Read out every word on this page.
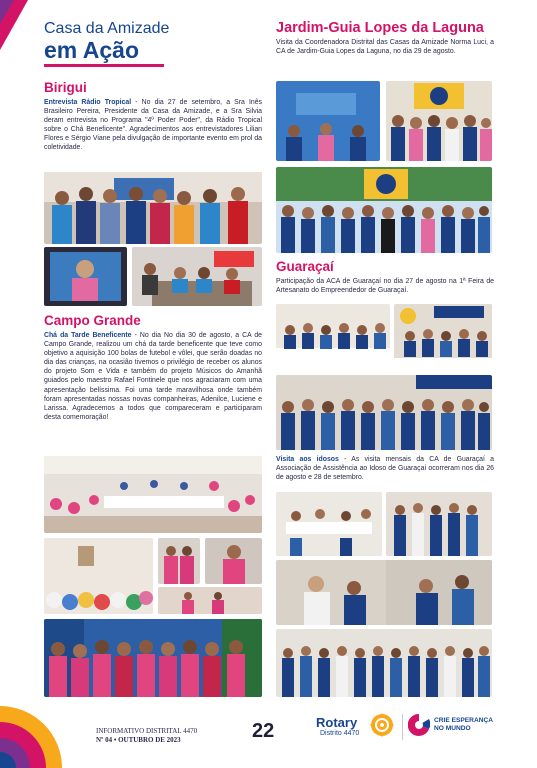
Casa da Amizade
em Ação
Birigui

Entrevista Rádio Tropical - No dia 27 de setembro, a Sra Inês Brasileiro Pereira, Presidente da Casa da Amizade, e a Sra Silvia deram entrevista no Programa "4º Poder Poder", da Rádio Tropical sobre o Chá Beneficente". Agradecimentos aos entrevistadores Lilian Flores e Sérgio Viane pela divulgação de importante evento em prol da coletividade.

Campo Grande

Chá da Tarde Beneficente - No dia No dia 30 de agosto, a CA de Campo Grande, realizou um chá da tarde beneficente que teve como objetivo a aquisição 100 bolas de futebol e vôlei, que serão doadas no dia das crianças, na ocasião tivemos o privilégio de receber os alunos do projeto Som e Vida e também do projeto Músicos do Amanhã guiados pelo maestro Rafael Fontinele que nos agraciaram com uma apresentação belíssima. Foi uma tarde maravilhosa onde também foram apresentadas nossas novas companheiras, Adenilce, Luciene e Larissa. Agradecemos a todos que compareceram e participaram desta comemoração!

Jardim-Guia Lopes da Laguna

Visita da Coordenadora Distrital das Casas da Amizade Norma Luci, a CA de Jardim-Guia Lopes da Laguna, no dia 29 de agosto.

Guaraçaí

Participação da ACA de Guaraçaí no dia 27 de agosto na 1ª Feira de Artesanato do Empreendedor de Guaraçaí.

Visita aos idosos - As visita mensais da CA de Guaraçaí a Associação de Assistência ao Idoso de Guaraçaí ocorreram nos dia 26 de agosto e 28 de setembro.

INFORMATIVO DISTRITAL 4470
Nº 04 • OUTUBRO DE 2023	22	Rotary
Distrito 4470
CRIE ESPERANÇA NO MUNDO
